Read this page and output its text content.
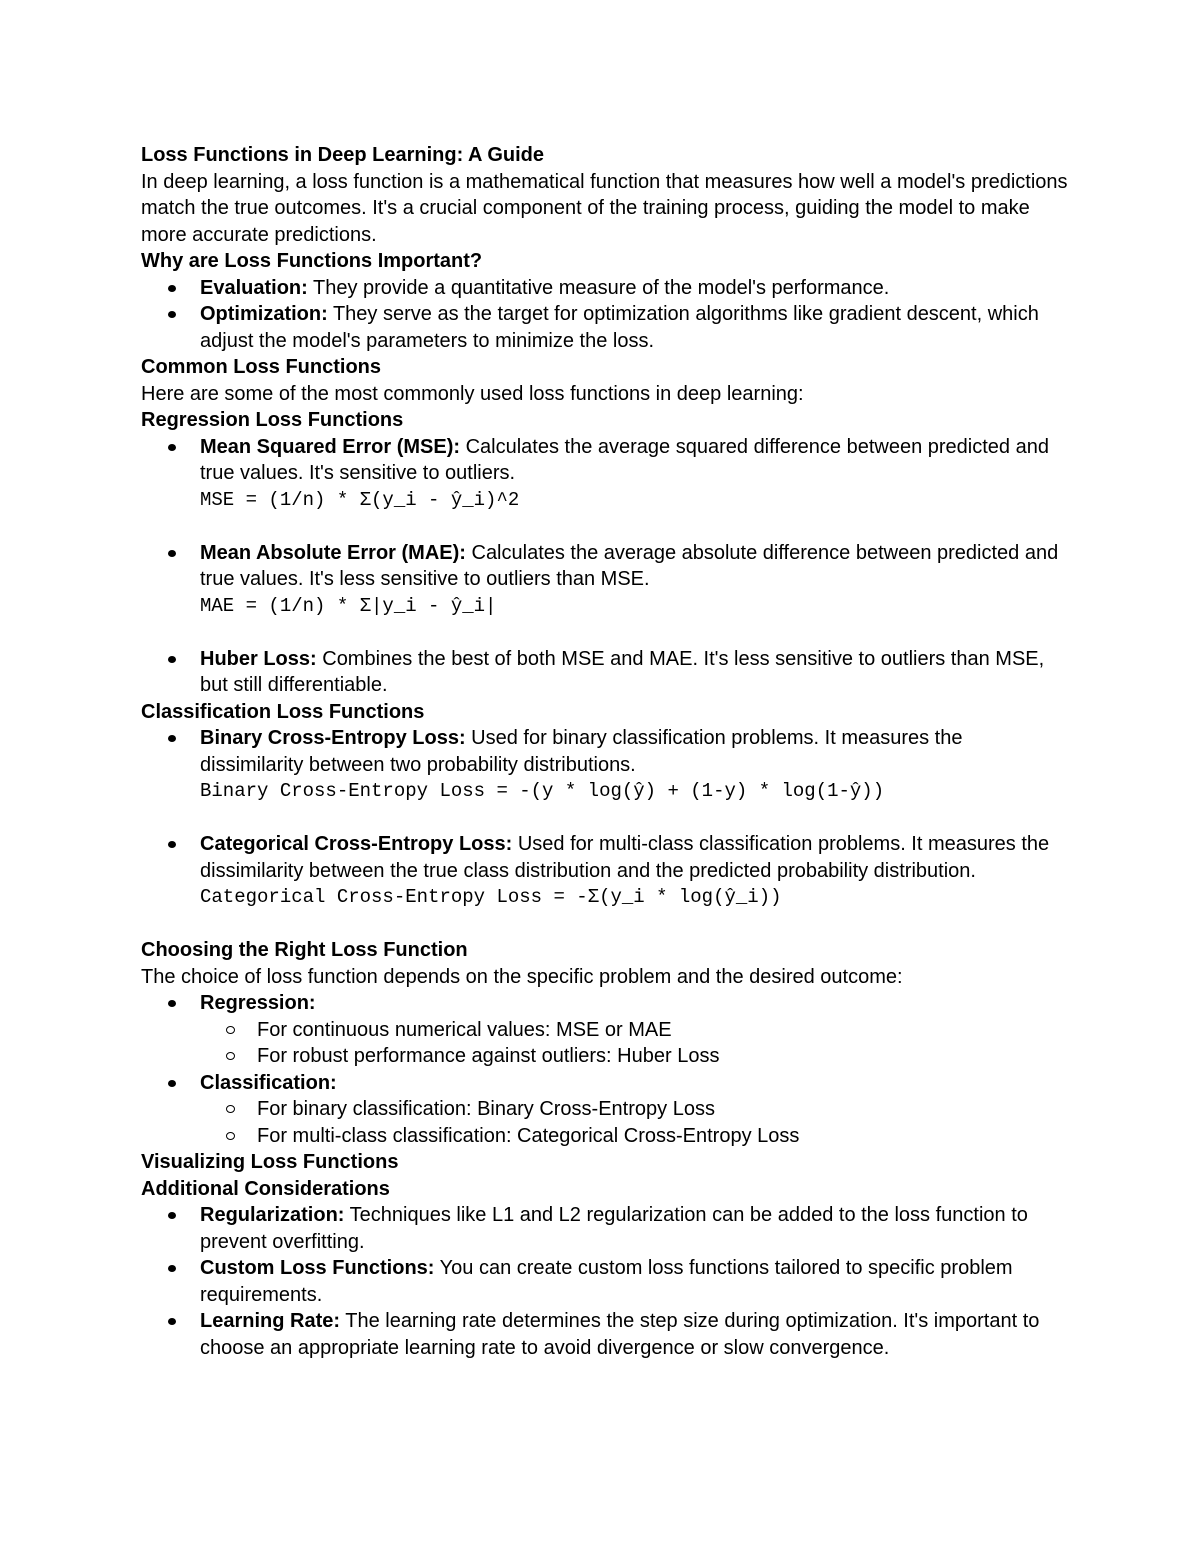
Loss Functions in Deep Learning: A Guide

In deep learning, a loss function is a mathematical function that measures how well a model's predictions match the true outcomes. It's a crucial component of the training process, guiding the model to make more accurate predictions.

Why are Loss Functions Important?
Evaluation: They provide a quantitative measure of the model's performance.
Optimization: They serve as the target for optimization algorithms like gradient descent, which adjust the model's parameters to minimize the loss.
Common Loss Functions

Here are some of the most commonly used loss functions in deep learning:

Regression Loss Functions
Mean Squared Error (MSE): Calculates the average squared difference between predicted and true values. It's sensitive to outliers.
MSE = (1/n) * Σ(y_i - ŷ_i)^2
Mean Absolute Error (MAE): Calculates the average absolute difference between predicted and true values. It's less sensitive to outliers than MSE.
MAE = (1/n) * Σ|y_i - ŷ_i|
Huber Loss: Combines the best of both MSE and MAE. It's less sensitive to outliers than MSE, but still differentiable.
Classification Loss Functions
Binary Cross-Entropy Loss: Used for binary classification problems. It measures the dissimilarity between two probability distributions.
Binary Cross-Entropy Loss = -(y * log(ŷ) + (1-y) * log(1-ŷ))
Categorical Cross-Entropy Loss: Used for multi-class classification problems. It measures the dissimilarity between the true class distribution and the predicted probability distribution.
Categorical Cross-Entropy Loss = -Σ(y_i * log(ŷ_i))
Choosing the Right Loss Function

The choice of loss function depends on the specific problem and the desired outcome:

Regression:
For continuous numerical values: MSE or MAE
For robust performance against outliers: Huber Loss
Classification:
For binary classification: Binary Cross-Entropy Loss
For multi-class classification: Categorical Cross-Entropy Loss
Visualizing Loss Functions
Additional Considerations
Regularization: Techniques like L1 and L2 regularization can be added to the loss function to prevent overfitting.
Custom Loss Functions: You can create custom loss functions tailored to specific problem requirements.
Learning Rate: The learning rate determines the step size during optimization. It's important to choose an appropriate learning rate to avoid divergence or slow convergence.
